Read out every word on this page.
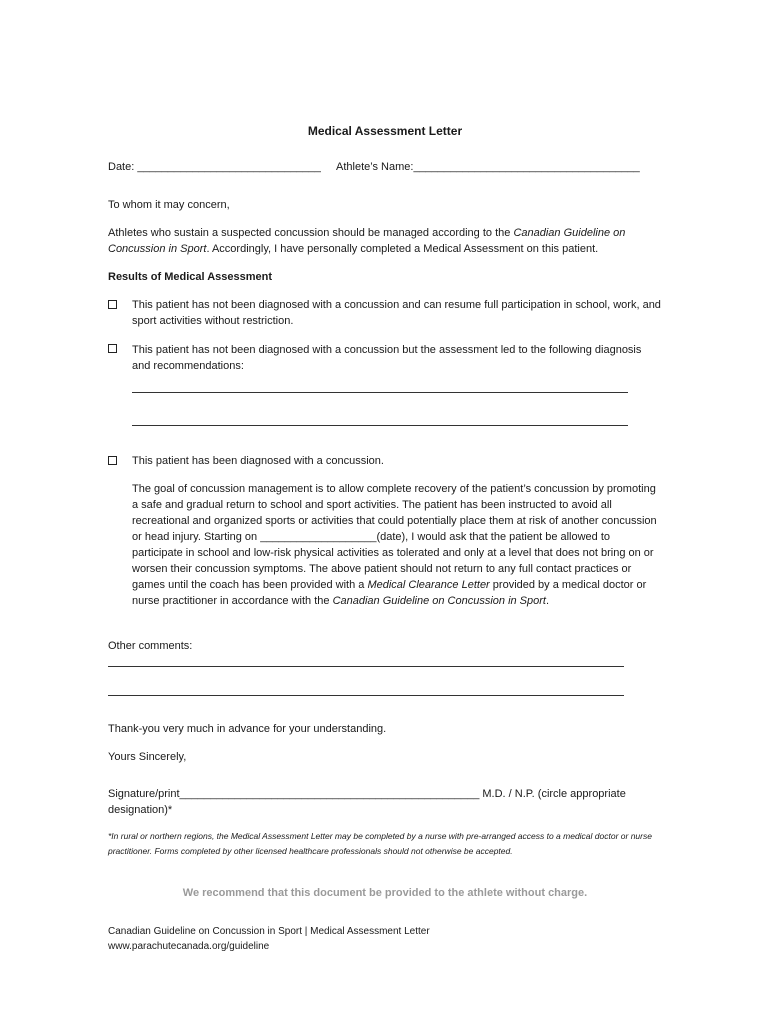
Medical Assessment Letter
Date: ______________________________ Athlete’s Name:_____________________________________
To whom it may concern,
Athletes who sustain a suspected concussion should be managed according to the Canadian Guideline on Concussion in Sport. Accordingly, I have personally completed a Medical Assessment on this patient.
Results of Medical Assessment
This patient has not been diagnosed with a concussion and can resume full participation in school, work, and sport activities without restriction.
This patient has not been diagnosed with a concussion but the assessment led to the following diagnosis and recommendations:
This patient has been diagnosed with a concussion.
The goal of concussion management is to allow complete recovery of the patient’s concussion by promoting a safe and gradual return to school and sport activities. The patient has been instructed to avoid all recreational and organized sports or activities that could potentially place them at risk of another concussion or head injury. Starting on ___________________(date), I would ask that the patient be allowed to participate in school and low-risk physical activities as tolerated and only at a level that does not bring on or worsen their concussion symptoms. The above patient should not return to any full contact practices or games until the coach has been provided with a Medical Clearance Letter provided by a medical doctor or nurse practitioner in accordance with the Canadian Guideline on Concussion in Sport.
Other comments:
Thank-you very much in advance for your understanding.
Yours Sincerely,
Signature/print_________________________________________________ M.D. / N.P. (circle appropriate designation)*
*In rural or northern regions, the Medical Assessment Letter may be completed by a nurse with pre-arranged access to a medical doctor or nurse practitioner. Forms completed by other licensed healthcare professionals should not otherwise be accepted.
We recommend that this document be provided to the athlete without charge.
Canadian Guideline on Concussion in Sport | Medical Assessment Letter
www.parachutecanada.org/guideline
